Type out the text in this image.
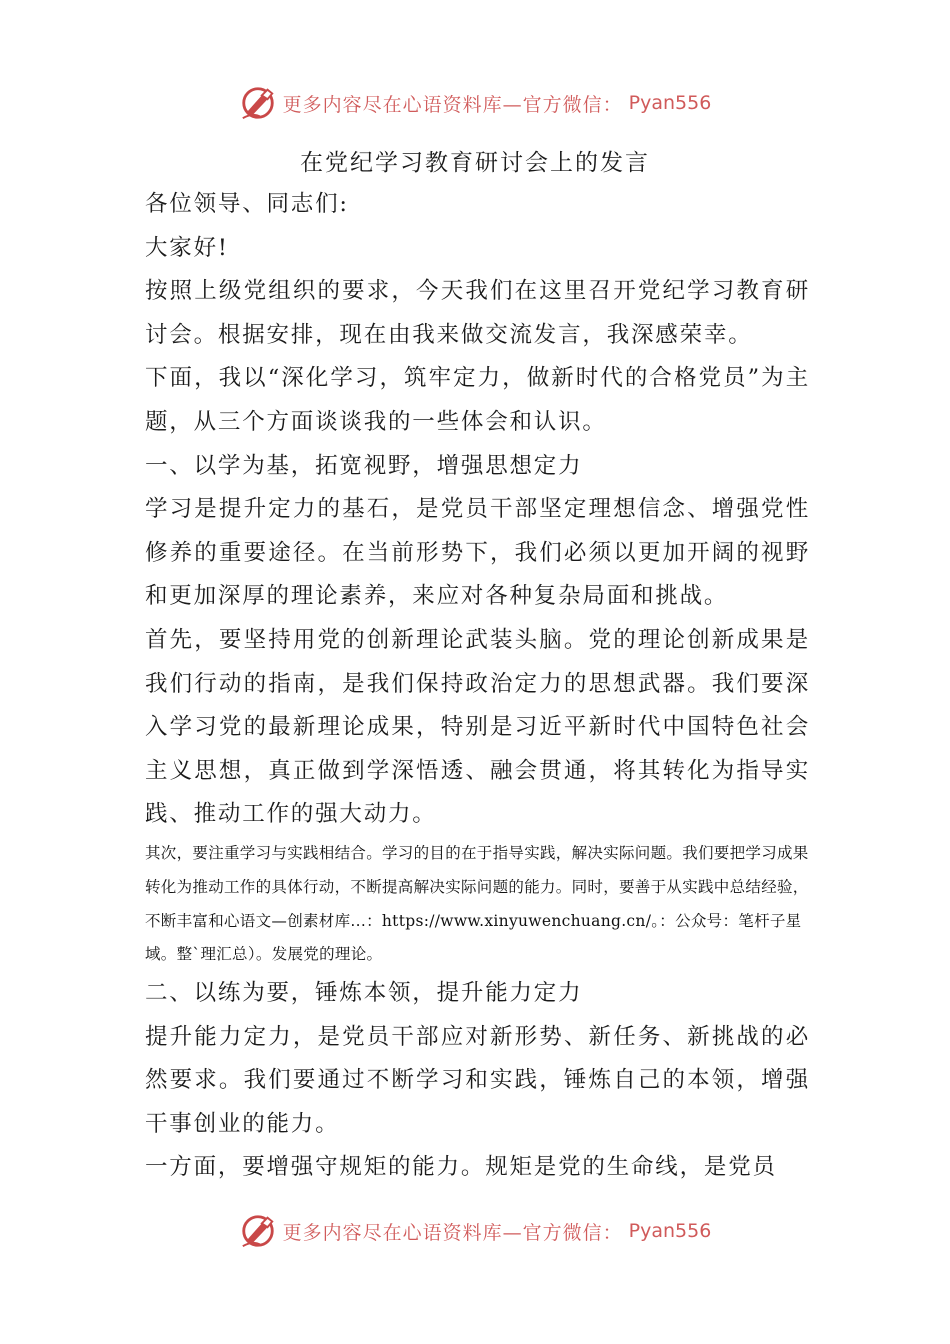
更多内容尽在心语资料库—官方微信： Pyan556
在党纪学习教育研讨会上的发言

各位领导、同志们:

大家好!

按照上级党组织的要求，今天我们在这里召开党纪学习教育研讨会。根据安排，现在由我来做交流发言，我深感荣幸。

下面，我以“深化学习，筑牢定力，做新时代的合格党员”为主题，从三个方面谈谈我的一些体会和认识。

一、以学为基，拓宽视野，增强思想定力

学习是提升定力的基石，是党员干部坚定理想信念、增强党性修养的重要途径。在当前形势下，我们必须以更加开阔的视野和更加深厚的理论素养，来应对各种复杂局面和挑战。

首先，要坚持用党的创新理论武装头脑。党的理论创新成果是我们行动的指南，是我们保持政治定力的思想武器。我们要深入学习党的最新理论成果，特别是习近平新时代中国特色社会主义思想，真正做到学深悟透、融会贯通，将其转化为指导实践、推动工作的强大动力。

其次，要注重学习与实践相结合。学习的目的在于指导实践，解决实际问题。我们要把学习成果转化为推动工作的具体行动，不断提高解决实际问题的能力。同时，要善于从实践中总结经验，不断丰富和心语文—创素材库...：https://www.xinyuwenchuang.cn/。：公众号：笔杆子星域。整`理汇总）。发展党的理论。

二、以练为要，锤炼本领，提升能力定力

提升能力定力，是党员干部应对新形势、新任务、新挑战的必然要求。我们要通过不断学习和实践，锤炼自己的本领，增强干事创业的能力。

一方面，要增强守规矩的能力。规矩是党的生命线，是党员

更多内容尽在心语资料库—官方微信： Pyan556
